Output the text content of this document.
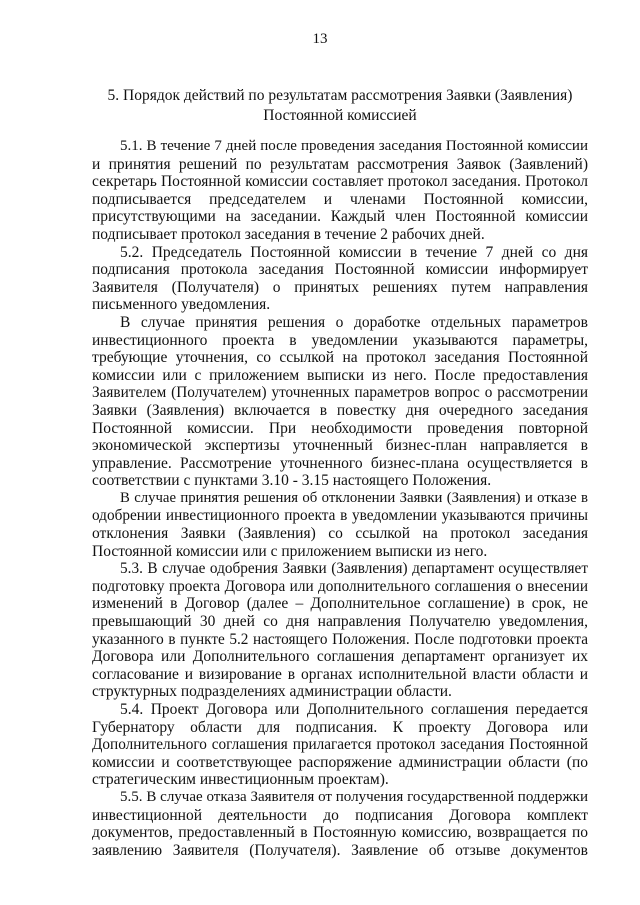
13
5. Порядок действий по результатам рассмотрения Заявки (Заявления)
Постоянной комиссией
5.1. В течение 7 дней после проведения заседания Постоянной комиссии
и принятия решений по результатам рассмотрения Заявок (Заявлений)
секретарь Постоянной комиссии составляет протокол заседания. Протокол
подписывается председателем и членами Постоянной комиссии,
присутствующими на заседании. Каждый член Постоянной комиссии
подписывает протокол заседания в течение 2 рабочих дней.
5.2. Председатель Постоянной комиссии в течение 7 дней со дня
подписания протокола заседания Постоянной комиссии информирует
Заявителя (Получателя) о принятых решениях путем направления
письменного уведомления.
В случае принятия решения о доработке отдельных параметров
инвестиционного проекта в уведомлении указываются параметры,
требующие уточнения, со ссылкой на протокол заседания Постоянной
комиссии или с приложением выписки из него. После предоставления
Заявителем (Получателем) уточненных параметров вопрос о рассмотрении
Заявки (Заявления) включается в повестку дня очередного заседания
Постоянной комиссии. При необходимости проведения повторной
экономической экспертизы уточненный бизнес-план направляется в
управление. Рассмотрение уточненного бизнес-плана осуществляется в
соответствии с пунктами 3.10 - 3.15 настоящего Положения.
В случае принятия решения об отклонении Заявки (Заявления) и отказе в
одобрении инвестиционного проекта в уведомлении указываются причины
отклонения Заявки (Заявления) со ссылкой на протокол заседания
Постоянной комиссии или с приложением выписки из него.
5.3. В случае одобрения Заявки (Заявления) департамент осуществляет
подготовку проекта Договора или дополнительного соглашения о внесении
изменений в Договор (далее – Дополнительное соглашение) в срок, не
превышающий 30 дней со дня направления Получателю уведомления,
указанного в пункте 5.2 настоящего Положения. После подготовки проекта
Договора или Дополнительного соглашения департамент организует их
согласование и визирование в органах исполнительной власти области и
структурных подразделениях администрации области.
5.4. Проект Договора или Дополнительного соглашения передается
Губернатору области для подписания. К проекту Договора или
Дополнительного соглашения прилагается протокол заседания Постоянной
комиссии и соответствующее распоряжение администрации области (по
стратегическим инвестиционным проектам).
5.5. В случае отказа Заявителя от получения государственной поддержки
инвестиционной деятельности до подписания Договора комплект
документов, предоставленный в Постоянную комиссию, возвращается по
заявлению Заявителя (Получателя). Заявление об отзыве документов
